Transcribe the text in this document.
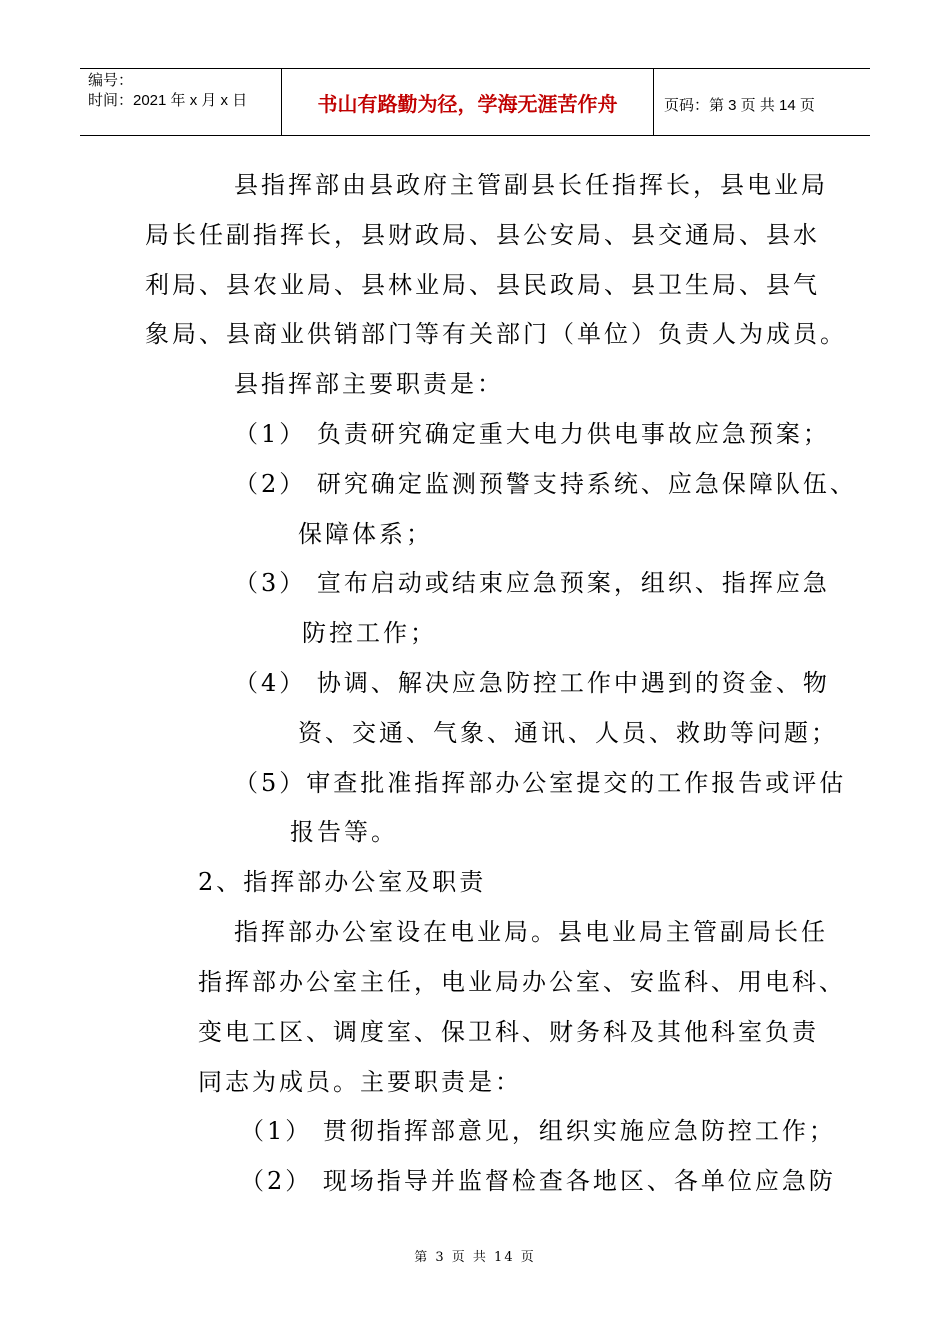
编号：
时间：2021 年 x 月 x 日	书山有路勤为径，学海无涯苦作舟	页码：第 3 页 共 14 页
县指挥部由县政府主管副县长任指挥长，县电业局
局长任副指挥长，县财政局、县公安局、县交通局、县水
利局、县农业局、县林业局、县民政局、县卫生局、县气
象局、县商业供销部门等有关部门（单位）负责人为成员。
县指挥部主要职责是：
（1） 负责研究确定重大电力供电事故应急预案；
（2） 研究确定监测预警支持系统、应急保障队伍、
保障体系；
（3） 宣布启动或结束应急预案，组织、指挥应急
防控工作；
（4） 协调、解决应急防控工作中遇到的资金、物
资、交通、气象、通讯、人员、救助等问题；
（5）审查批准指挥部办公室提交的工作报告或评估
报告等。
2、指挥部办公室及职责
指挥部办公室设在电业局。县电业局主管副局长任
指挥部办公室主任，电业局办公室、安监科、用电科、
变电工区、调度室、保卫科、财务科及其他科室负责
同志为成员。主要职责是：
（1） 贯彻指挥部意见，组织实施应急防控工作；
（2） 现场指导并监督检查各地区、各单位应急防
第 3 页 共 14 页
